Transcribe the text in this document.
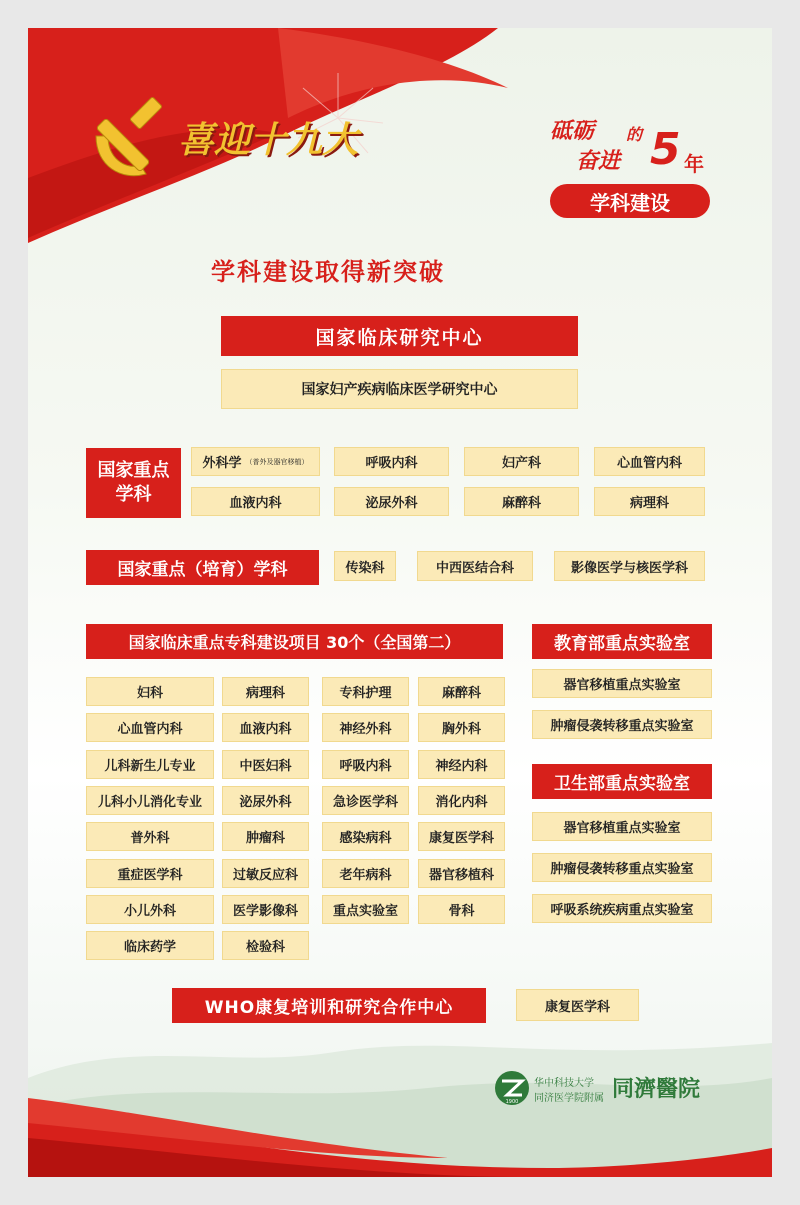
喜迎十九大	砥砺 的
奋进 5 年
学科建设
学科建设取得新突破
国家临床研究中心
国家妇产疾病临床医学研究中心
国家重点
学科
外科学 （普外及器官移植）	呼吸内科	妇产科	心血管内科
血液内科	泌尿外科	麻醉科	病理科
国家重点（培育）学科	传染科	中西医结合科	影像医学与核医学科
国家临床重点专科建设项目 30个（全国第二）
妇科	病理科	专科护理	麻醉科
心血管内科	血液内科	神经外科	胸外科
儿科新生儿专业	中医妇科	呼吸内科	神经内科
儿科小儿消化专业	泌尿外科	急诊医学科	消化内科
普外科	肿瘤科	感染病科	康复医学科
重症医学科	过敏反应科	老年病科	器官移植科
小儿外科	医学影像科	重点实验室	骨科
临床药学	检验科
教育部重点实验室
器官移植重点实验室
肿瘤侵袭转移重点实验室
卫生部重点实验室
器官移植重点实验室
肿瘤侵袭转移重点实验室
呼吸系统疾病重点实验室
WHO康复培训和研究合作中心	康复医学科
1900
华中科技大学
同济医学院附属 同濟醫院
